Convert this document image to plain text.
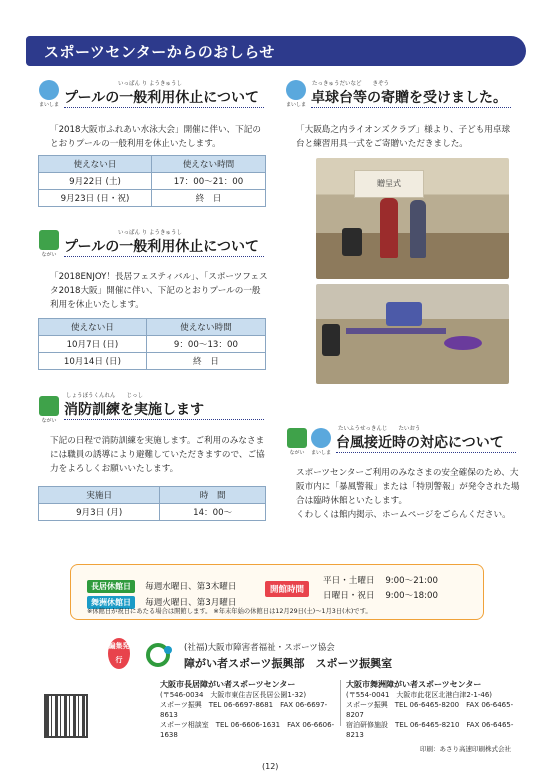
スポーツセンターからのおしらせ
まいしま
いっぱん り ようきゅうし
プールの一般利用休止について
「2018大阪市ふれあい水泳大会」開催に伴い、下記のとおりプールの一般利用を休止いたします。
使えない日	使えない時間
9月22日 (土)	17：00～21：00
9月23日 (日・祝)	終　日
ながい
いっぱん り ようきゅうし
プールの一般利用休止について
「2018ENJOY！長居フェスティバル」、「スポーツフェスタ2018大阪」開催に伴い、下記のとおりプールの一般利用を休止いたします。
使えない日	使えない時間
10月7日 (日)	9：00～13：00
10月14日 (日)	終　日
ながい
しょうぼうくんれん　　じっし
消防訓練を実施します
下記の日程で消防訓練を実施します。ご利用のみなさまには職員の誘導により避難していただきますので、ご協力をよろしくお願いいたします。
実施日	時　間
9月3日 (月)	14：00～
まいしま
たっきゅうだいなど　　きぞう
卓球台等の寄贈を受けました。
「大阪島之内ライオンズクラブ」様より、子ども用卓球台と練習用具一式をご寄贈いただきました。
贈呈式
ながい	まいしま
たいふうせっきんじ　　たいおう
台風接近時の対応について
スポーツセンターご利用のみなさまの安全確保のため、大阪市内に「暴風警報」または「特別警報」が発令された場合は臨時休館といたします。
くわしくは館内掲示、ホームページをごらんください。
長居休館日 毎週水曜日、第3木曜日
舞洲休館日 毎週火曜日、第3月曜日
開館時間
平日・土曜日 9:00～21:00
日曜日・祝日 9:00～18:00
※休館日が祝日にあたる場合は開館します。 ※年末年始の休館日は12月29日(土)～1月3日(木)です。
編集発行
(社福)大阪市障害者福祉・スポーツ協会
障がい者スポーツ振興部　スポーツ振興室
大阪市長居障がい者スポーツセンター
(〒546-0034　大阪市東住吉区長居公園1-32)
スポーツ振興　TEL 06-6697-8681　FAX 06-6697-8613
スポーツ相談室　TEL 06-6606-1631　FAX 06-6606-1638
大阪市舞洲障がい者スポーツセンター
(〒554-0041　大阪市此花区北港白津2-1-46)
スポーツ振興　TEL 06-6465-8200　FAX 06-6465-8207
宿泊研修施設　TEL 06-6465-8210　FAX 06-6465-8213
印刷：あさり高速印刷株式会社
(12)
